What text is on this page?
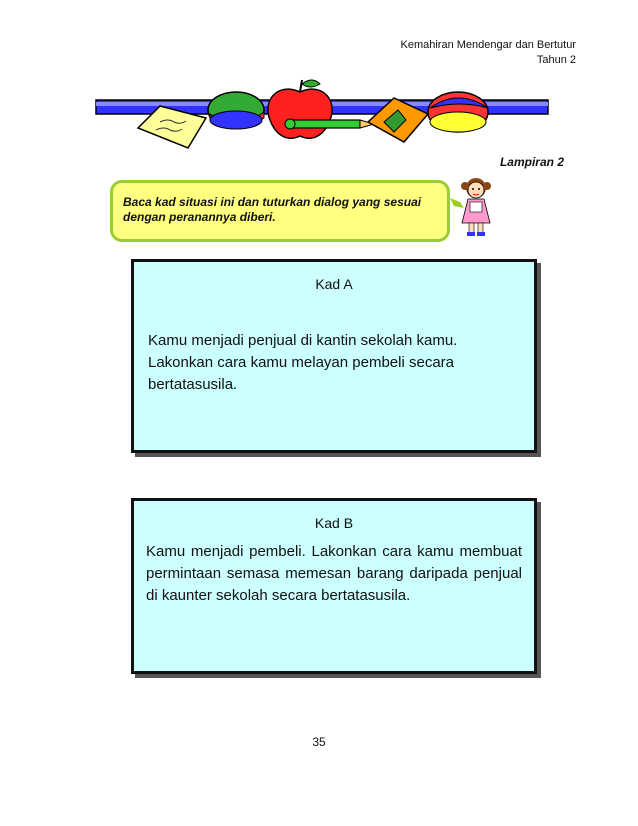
Kemahiran Mendengar dan Bertutur
Tahun 2
Lampiran 2
Baca kad situasi ini dan tuturkan dialog yang sesuai dengan peranannya diberi.
Kad A
Kamu menjadi penjual di kantin sekolah kamu. Lakonkan cara kamu melayan pembeli secara bertatasusila.
Kad B
Kamu menjadi pembeli. Lakonkan cara kamu membuat permintaan semasa memesan barang daripada penjual di kaunter sekolah secara bertatasusila.
35
